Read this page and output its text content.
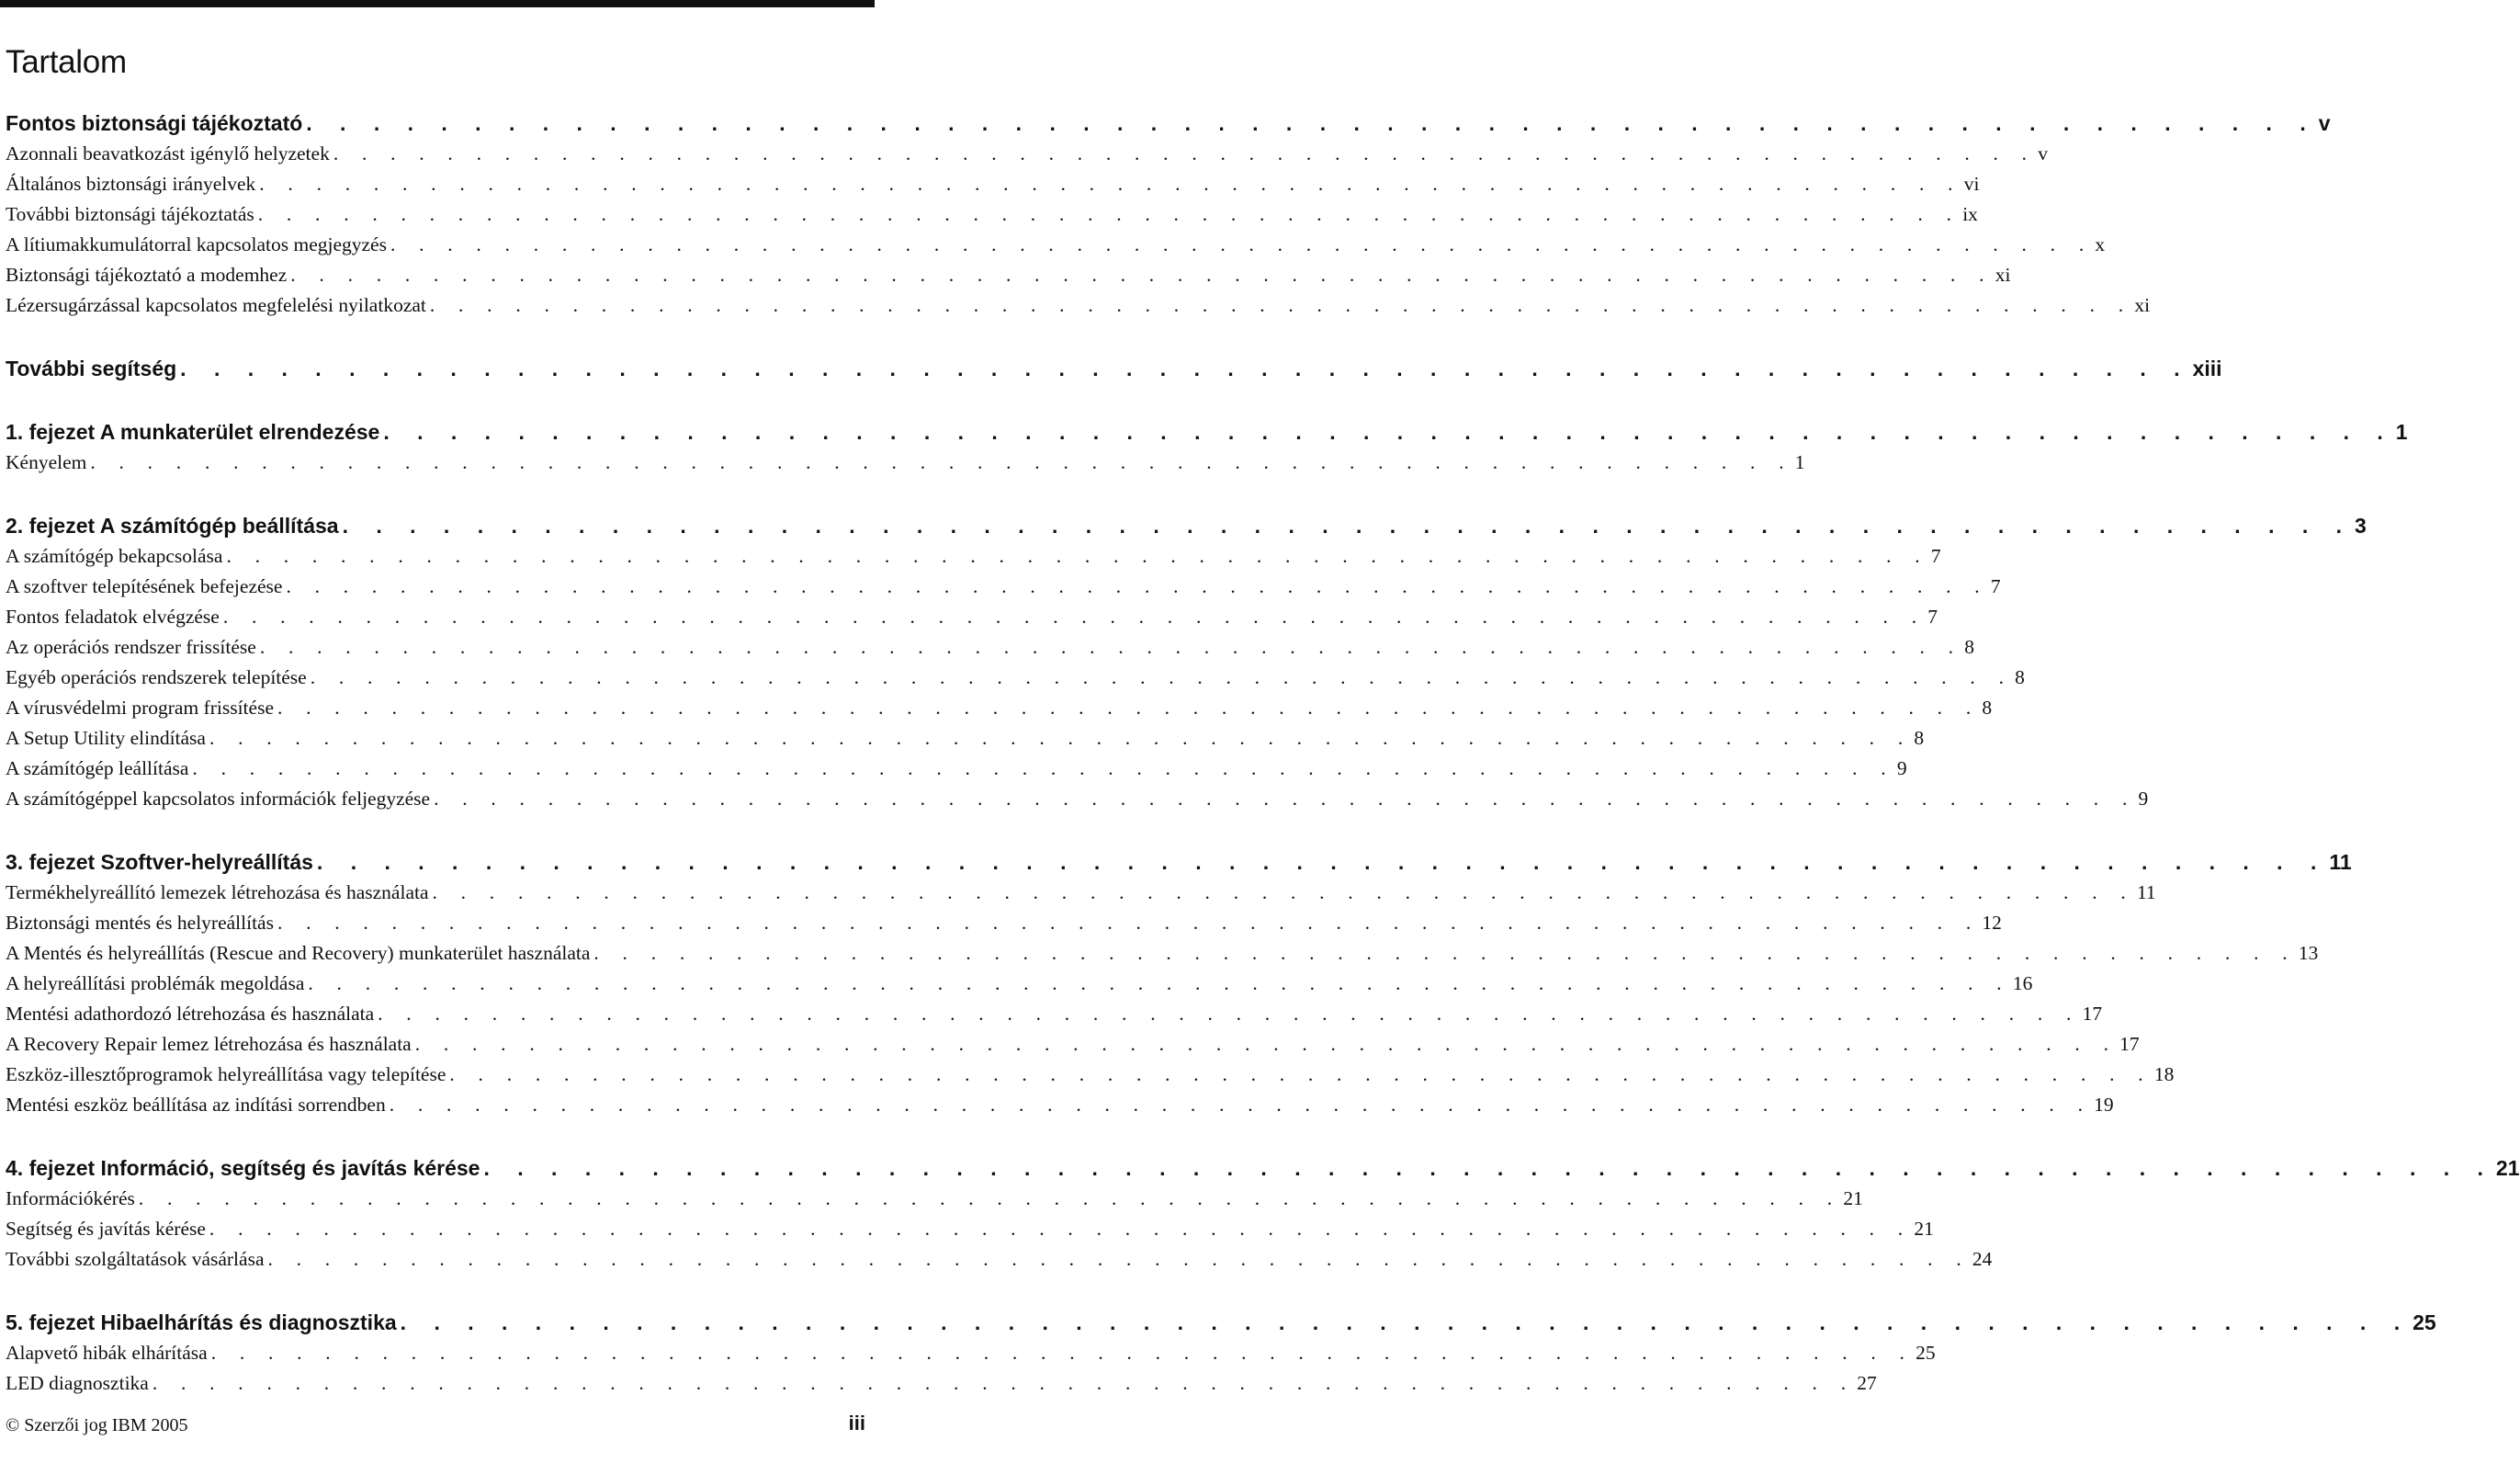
Tartalom
Fontos biztonsági tájékoztató . . . . . . . . . . . . . . . . . . . . . . . . . . . . . . . . . . . . . . . . . . . . . . . . . . . . . . . . . . . . v
Azonnali beavatkozást igénylő helyzetek . . . . . . . . . . . . . . . . . . . . . . . . . . . . . . . . . . . . . . . . . . . . . . . . . . . . . . . . . . . . v
Általános biztonsági irányelvek . . . . . . . . . . . . . . . . . . . . . . . . . . . . . . . . . . . . . . . . . . . . . . . . . . . . . . . . . . . . vi
További biztonsági tájékoztatás . . . . . . . . . . . . . . . . . . . . . . . . . . . . . . . . . . . . . . . . . . . . . . . . . . . . . . . . . . . . ix
A lítiumakkumulátorral kapcsolatos megjegyzés . . . . . . . . . . . . . . . . . . . . . . . . . . . . . . . . . . . . . . . . . . . . . . . . . . . . . . . . . . . . x
Biztonsági tájékoztató a modemhez . . . . . . . . . . . . . . . . . . . . . . . . . . . . . . . . . . . . . . . . . . . . . . . . . . . . . . . . . . . . xi
Lézersugárzással kapcsolatos megfelelési nyilatkozat . . . . . . . . . . . . . . . . . . . . . . . . . . . . . . . . . . . . . . . . . . . . . . . . . . . . . . . . . . . . xi
További segítség . . . . . . . . . . . . . . . . . . . . . . . . . . . . . . . . . . . . . . . . . . . . . . . . . . . . . . . . . . . . xiii
1. fejezet A munkaterület elrendezése . . . . . . . . . . . . . . . . . . . . . . . . . . . . . . . . . . . . . . . . . . . . . . . . . . . . . . . . . . . . 1
Kényelem . . . . . . . . . . . . . . . . . . . . . . . . . . . . . . . . . . . . . . . . . . . . . . . . . . . . . . . . . . . . 1
2. fejezet A számítógép beállítása . . . . . . . . . . . . . . . . . . . . . . . . . . . . . . . . . . . . . . . . . . . . . . . . . . . . . . . . . . . . 3
A számítógép bekapcsolása . . . . . . . . . . . . . . . . . . . . . . . . . . . . . . . . . . . . . . . . . . . . . . . . . . . . . . . . . . . . 7
A szoftver telepítésének befejezése . . . . . . . . . . . . . . . . . . . . . . . . . . . . . . . . . . . . . . . . . . . . . . . . . . . . . . . . . . . . 7
Fontos feladatok elvégzése . . . . . . . . . . . . . . . . . . . . . . . . . . . . . . . . . . . . . . . . . . . . . . . . . . . . . . . . . . . . 7
Az operációs rendszer frissítése . . . . . . . . . . . . . . . . . . . . . . . . . . . . . . . . . . . . . . . . . . . . . . . . . . . . . . . . . . . . 8
Egyéb operációs rendszerek telepítése . . . . . . . . . . . . . . . . . . . . . . . . . . . . . . . . . . . . . . . . . . . . . . . . . . . . . . . . . . . . 8
A vírusvédelmi program frissítése . . . . . . . . . . . . . . . . . . . . . . . . . . . . . . . . . . . . . . . . . . . . . . . . . . . . . . . . . . . . 8
A Setup Utility elindítása . . . . . . . . . . . . . . . . . . . . . . . . . . . . . . . . . . . . . . . . . . . . . . . . . . . . . . . . . . . . 8
A számítógép leállítása . . . . . . . . . . . . . . . . . . . . . . . . . . . . . . . . . . . . . . . . . . . . . . . . . . . . . . . . . . . . 9
A számítógéppel kapcsolatos információk feljegyzése . . . . . . . . . . . . . . . . . . . . . . . . . . . . . . . . . . . . . . . . . . . . . . . . . . . . . . . . . . . . 9
3. fejezet Szoftver-helyreállítás . . . . . . . . . . . . . . . . . . . . . . . . . . . . . . . . . . . . . . . . . . . . . . . . . . . . . . . . . . . . 11
Termékhelyreállító lemezek létrehozása és használata . . . . . . . . . . . . . . . . . . . . . . . . . . . . . . . . . . . . . . . . . . . . . . . . . . . . . . . . . . . . 11
Biztonsági mentés és helyreállítás . . . . . . . . . . . . . . . . . . . . . . . . . . . . . . . . . . . . . . . . . . . . . . . . . . . . . . . . . . . . 12
A Mentés és helyreállítás (Rescue and Recovery) munkaterület használata . . . . . . . . . . . . . . . . . . . . . . . . . . . . . . . . . . . . . . . . . . . . . . . . . . . . . . . . . . . . 13
A helyreállítási problémák megoldása . . . . . . . . . . . . . . . . . . . . . . . . . . . . . . . . . . . . . . . . . . . . . . . . . . . . . . . . . . . . 16
Mentési adathordozó létrehozása és használata . . . . . . . . . . . . . . . . . . . . . . . . . . . . . . . . . . . . . . . . . . . . . . . . . . . . . . . . . . . . 17
A Recovery Repair lemez létrehozása és használata . . . . . . . . . . . . . . . . . . . . . . . . . . . . . . . . . . . . . . . . . . . . . . . . . . . . . . . . . . . . 17
Eszköz-illesztőprogramok helyreállítása vagy telepítése . . . . . . . . . . . . . . . . . . . . . . . . . . . . . . . . . . . . . . . . . . . . . . . . . . . . . . . . . . . . 18
Mentési eszköz beállítása az indítási sorrendben . . . . . . . . . . . . . . . . . . . . . . . . . . . . . . . . . . . . . . . . . . . . . . . . . . . . . . . . . . . . 19
4. fejezet Információ, segítség és javítás kérése . . . . . . . . . . . . . . . . . . . . . . . . . . . . . . . . . . . . . . . . . . . . . . . . . . . . . . . . . . . . 21
Információkérés . . . . . . . . . . . . . . . . . . . . . . . . . . . . . . . . . . . . . . . . . . . . . . . . . . . . . . . . . . . . 21
Segítség és javítás kérése . . . . . . . . . . . . . . . . . . . . . . . . . . . . . . . . . . . . . . . . . . . . . . . . . . . . . . . . . . . . 21
További szolgáltatások vásárlása . . . . . . . . . . . . . . . . . . . . . . . . . . . . . . . . . . . . . . . . . . . . . . . . . . . . . . . . . . . . 24
5. fejezet Hibaelhárítás és diagnosztika . . . . . . . . . . . . . . . . . . . . . . . . . . . . . . . . . . . . . . . . . . . . . . . . . . . . . . . . . . . . 25
Alapvető hibák elhárítása . . . . . . . . . . . . . . . . . . . . . . . . . . . . . . . . . . . . . . . . . . . . . . . . . . . . . . . . . . . . 25
LED diagnosztika . . . . . . . . . . . . . . . . . . . . . . . . . . . . . . . . . . . . . . . . . . . . . . . . . . . . . . . . . . . . 27
© Szerzői jog IBM 2005	iii
